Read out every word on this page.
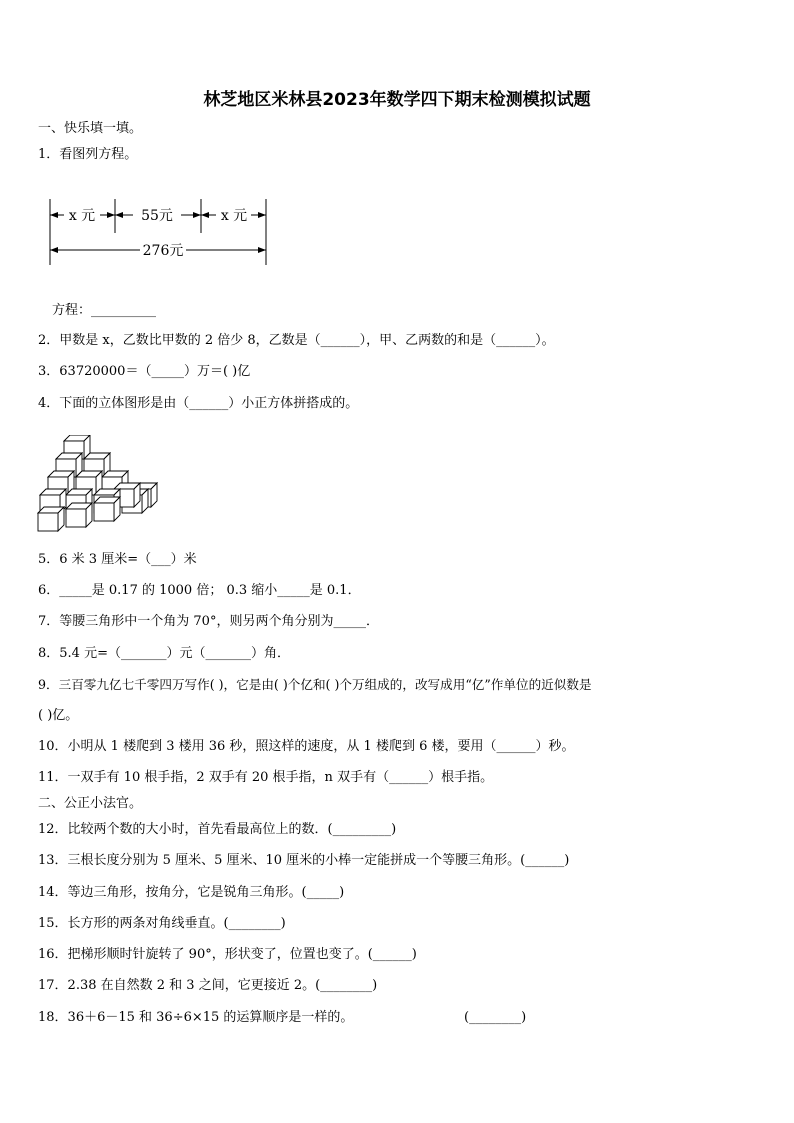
林芝地区米林县2023年数学四下期末检测模拟试题
一、快乐填一填。
1．看图列方程。
x 元	55元	x 元
276元
方程：__________
2．甲数是 x，乙数比甲数的 2 倍少 8，乙数是（______），甲、乙两数的和是（______）。
3．63720000＝（_____）万＝( )亿
4．下面的立体图形是由（______）小正方体拼搭成的。
5．6 米 3 厘米=（___）米
6．_____是 0.17 的 1000 倍； 0.3 缩小_____是 0.1．
7．等腰三角形中一个角为 70°，则另两个角分别为_____．
8．5.4 元=（_______）元（_______）角．
9．三百零九亿七千零四万写作( )，它是由( )个亿和( )个万组成的，改写成用“亿”作单位的近似数是
( )亿。
10．小明从 1 楼爬到 3 楼用 36 秒，照这样的速度，从 1 楼爬到 6 楼，要用（______）秒。
11．一双手有 10 根手指，2 双手有 20 根手指，n 双手有（______）根手指。
二、公正小法官。
12．比较两个数的大小时，首先看最高位上的数．(_________)
13．三根长度分别为 5 厘米、5 厘米、10 厘米的小棒一定能拼成一个等腰三角形。(______)
14．等边三角形，按角分，它是锐角三角形。(_____)
15．长方形的两条对角线垂直。(________)
16．把梯形顺时针旋转了 90°，形状变了，位置也变了。(______)
17．2.38 在自然数 2 和 3 之间，它更接近 2。(________)
18．36＋6－15 和 36÷6×15 的运算顺序是一样的。	(________)
